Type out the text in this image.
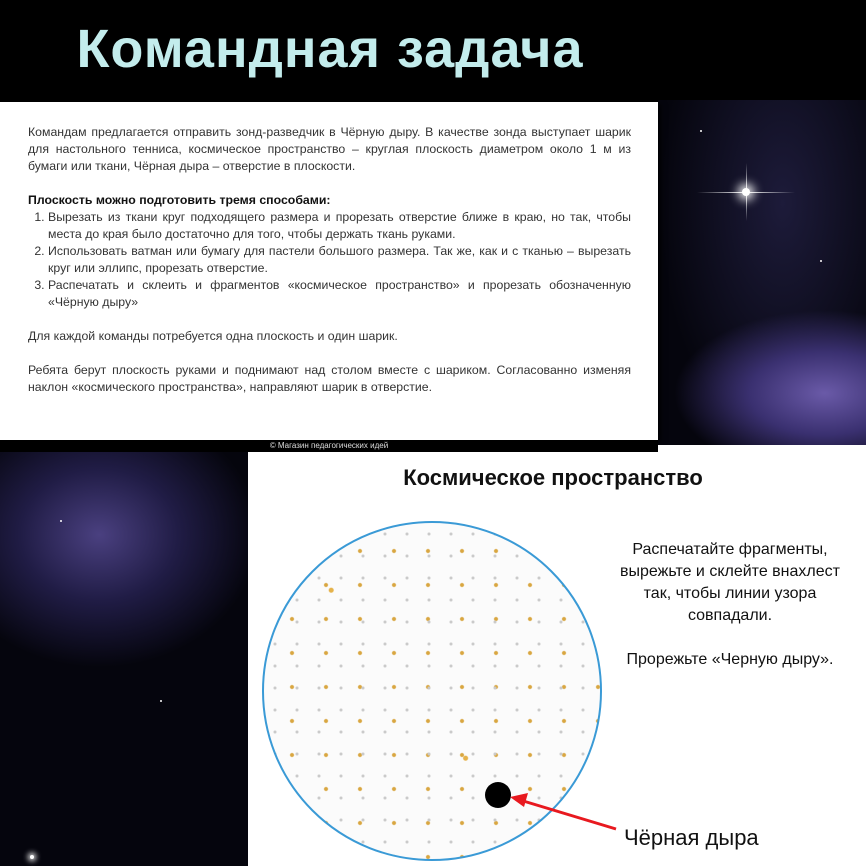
Командная задача

Командам предлагается отправить зонд-разведчик в Чёрную дыру. В качестве зонда выступает шарик для настольного тенниса, космическое пространство – круглая плоскость диаметром около 1 м из бумаги или ткани, Чёрная дыра – отверстие в плоскости.

Плоскость можно подготовить тремя способами:
1. Вырезать из ткани круг подходящего размера и прорезать отверстие ближе в краю, но так, чтобы места до края было достаточно для того, чтобы держать ткань руками.
2. Использовать ватман или бумагу для пастели большого размера. Так же, как и с тканью – вырезать круг или эллипс, прорезать отверстие.
3. Распечатать и склеить и фрагментов «космическое пространство» и прорезать обозначенную «Чёрную дыру»

Для каждой команды потребуется одна плоскость и один шарик.

Ребята берут плоскость руками и поднимают над столом вместе с шариком. Согласованно изменяя наклон «космического пространства», направляют шарик в отверстие.

Космическое пространство

Распечатайте фрагменты, вырежьте и склейте внахлест так, чтобы линии узора совпадали.

Прорежьте «Черную дыру».

Чёрная дыра
© Магазин педагогических идей
